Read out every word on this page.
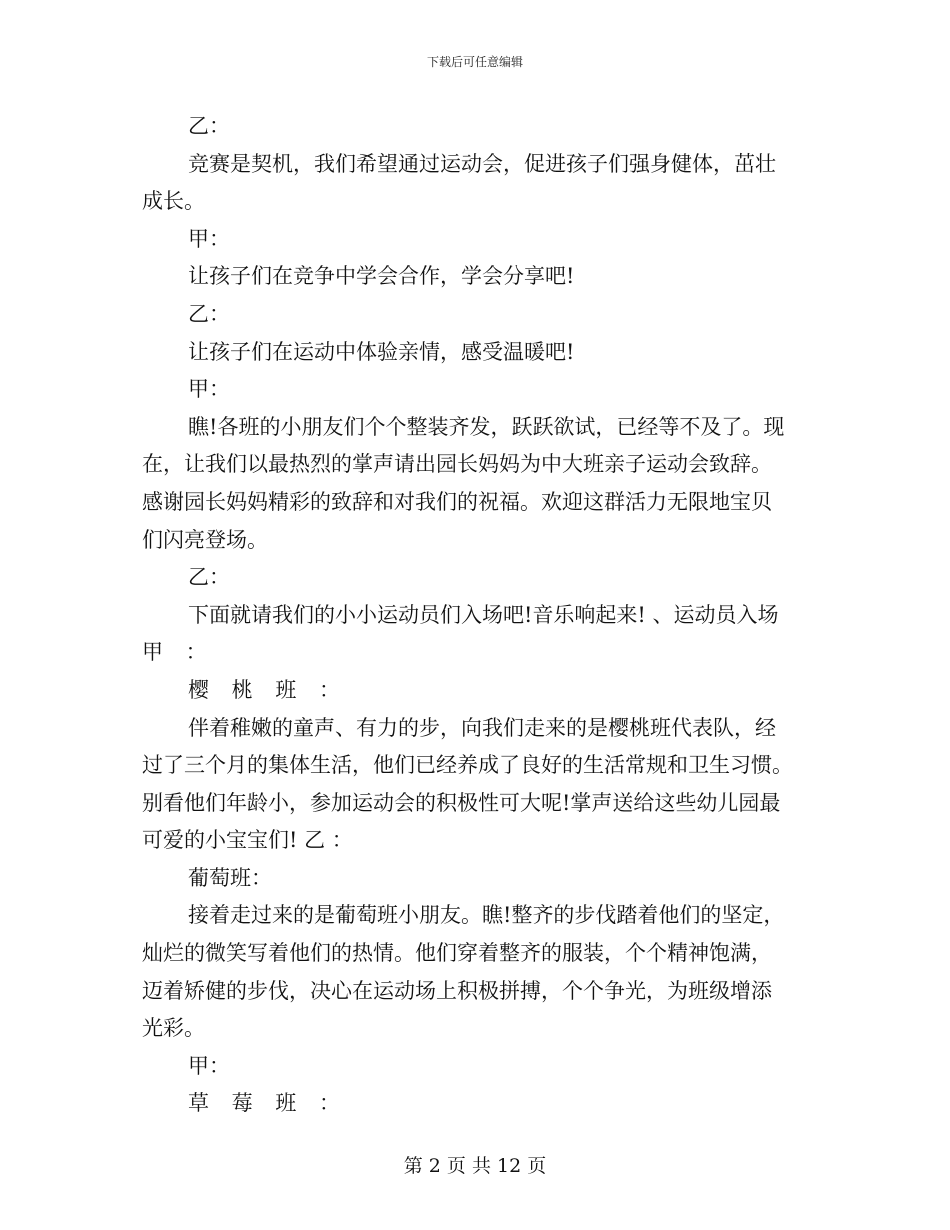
下载后可任意编辑
乙：
竞赛是契机，我们希望通过运动会，促进孩子们强身健体，茁壮
成长。
甲：
让孩子们在竞争中学会合作，学会分享吧!
乙：
让孩子们在运动中体验亲情，感受温暖吧!
甲：
瞧!各班的小朋友们个个整装齐发，跃跃欲试，已经等不及了。现
在，让我们以最热烈的掌声请出园长妈妈为中大班亲子运动会致辞。
感谢园长妈妈精彩的致辞和对我们的祝福。欢迎这群活力无限地宝贝
们闪亮登场。
乙：
下面就请我们的小小运动员们入场吧!音乐响起来! 、运动员入场
甲 ：
樱 桃 班 ：
伴着稚嫩的童声、有力的步，向我们走来的是樱桃班代表队，经
过了三个月的集体生活，他们已经养成了良好的生活常规和卫生习惯。
别看他们年龄小，参加运动会的积极性可大呢!掌声送给这些幼儿园最
可爱的小宝宝们! 乙 ：
葡萄班：
接着走过来的是葡萄班小朋友。瞧!整齐的步伐踏着他们的坚定，
灿烂的微笑写着他们的热情。他们穿着整齐的服装，个个精神饱满，
迈着矫健的步伐，决心在运动场上积极拼搏，个个争光，为班级增添
光彩。
甲：
草 莓 班 ：
第 2 页 共 12 页
